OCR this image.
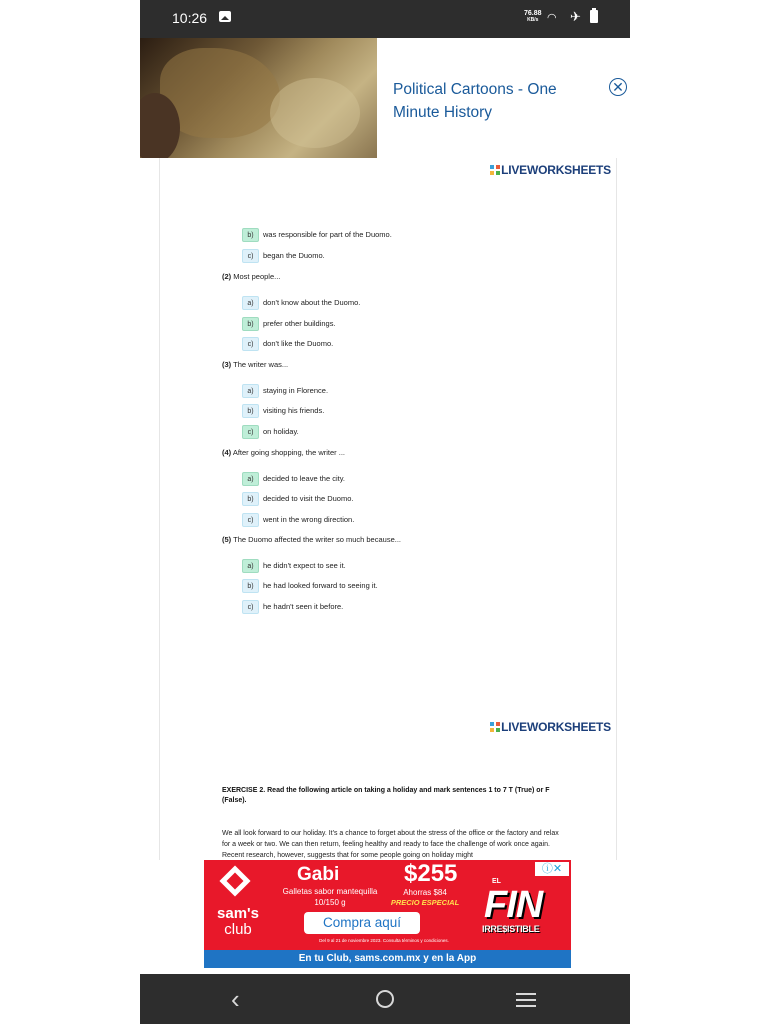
10:26	76.88
KB/s ◠ ✈
Political Cartoons - One Minute History
✕
LIVEWORKSHEETS
b) was responsible for part of the Duomo.
c) began the Duomo.
(2) Most people...
a) don't know about the Duomo.
b) prefer other buildings.
c) don't like the Duomo.
(3) The writer was...
a) staying in Florence.
b) visiting his friends.
c) on holiday.
(4) After going shopping, the writer ...
a) decided to leave the city.
b) decided to visit the Duomo.
c) went in the wrong direction.
(5) The Duomo affected the writer so much because...
a) he didn't expect to see it.
b) he had looked forward to seeing it.
c) he hadn't seen it before.
LIVEWORKSHEETS
EXERCISE 2. Read the following article on taking a holiday and mark sentences 1 to 7 T (True) or F (False).
We all look forward to our holiday. It's a chance to forget about the stress of the office or the factory and relax for a week or two. We can then return, feeling healthy and ready to face the challenge of work once again. Recent research, however, suggests that for some people going on holiday might
sam's
club
Gabi	$255
Galletas sabor mantequilla 10/150 g
Ahorras $84
PRECIO ESPECIAL
Compra aquí
Del 9 al 21 de noviembre 2023. Consulta términos y condiciones.
EL
FIN
IRRE$ISTIBLE
ⓘ✕
En tu Club, sams.com.mx y en la App
‹
